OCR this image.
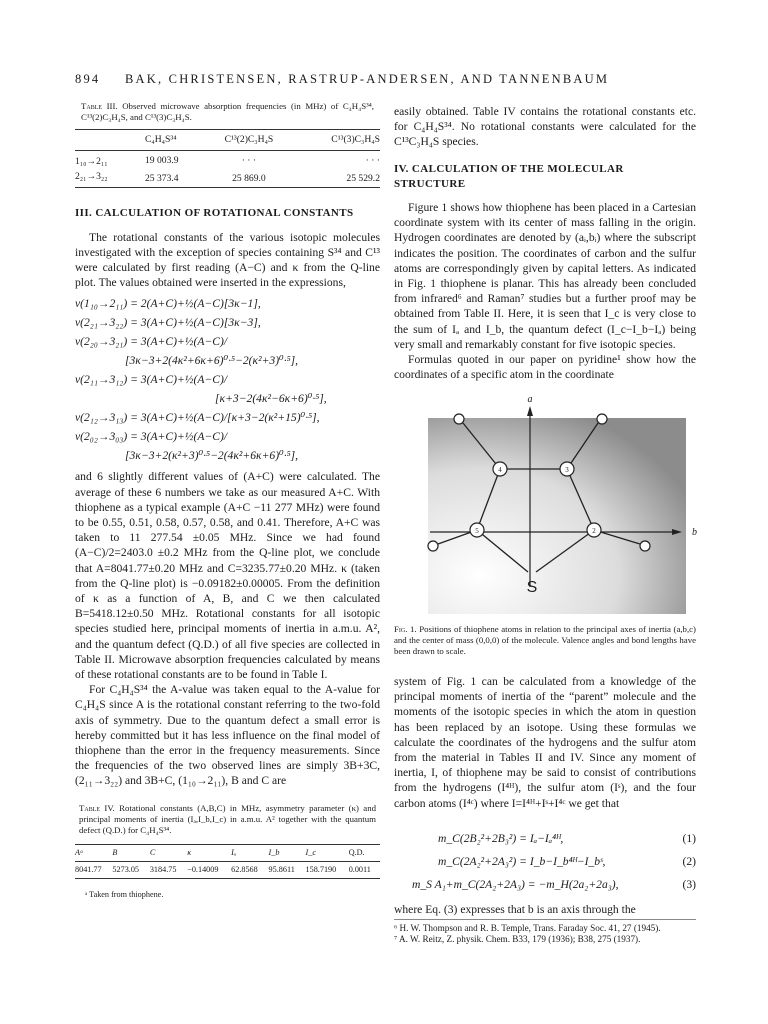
894 BAK, CHRISTENSEN, RASTRUP-ANDERSEN, AND TANNENBAUM
Table III. Observed microwave absorption frequencies (in MHz) of C₄H₄S³⁴, C¹³(2)C₃H₄S, and C¹³(3)C₃H₄S.
	C₄H₄S³⁴	C¹³(2)C₃H₄S	C¹³(3)C₃H₄S
1₁₀→2₁₁	19 003.9	· · ·	· · ·
2₂₁→3₂₂	25 373.4	25 869.0	25 529.2

III. CALCULATION OF ROTATIONAL CONSTANTS

The rotational constants of the various isotopic molecules investigated with the exception of species containing S³⁴ and C¹³ were calculated by first reading (A−C) and κ from the Q-line plot. The values obtained were inserted in the expressions,

ν(1₁₀→2₁₁) = 2(A+C)+½(A−C)[3κ−1],
ν(2₂₁→3₂₂) = 3(A+C)+½(A−C)[3κ−3],
ν(2₂₀→3₂₁) = 3(A+C)+½(A−C)/
[3κ−3+2(4κ²+6κ+6)⁰·⁵−2(κ²+3)⁰·⁵],
ν(2₁₁→3₁₂) = 3(A+C)+½(A−C)/
[κ+3−2(4κ²−6κ+6)⁰·⁵],
ν(2₁₂→3₁₃) = 3(A+C)+½(A−C)/[κ+3−2(κ²+15)⁰·⁵],
ν(2₀₂→3₀₃) = 3(A+C)+½(A−C)/
[3κ−3+2(κ²+3)⁰·⁵−2(4κ²+6κ+6)⁰·⁵],

and 6 slightly different values of (A+C) were calculated. The average of these 6 numbers we take as our measured A+C. With thiophene as a typical example (A+C −11 277 MHz) were found to be 0.55, 0.51, 0.58, 0.57, 0.58, and 0.41. Therefore, A+C was taken to 11 277.54 ±0.05 MHz. Since we had found (A−C)/2=2403.0 ±0.2 MHz from the Q-line plot, we conclude that A=8041.77±0.20 MHz and C=3235.77±0.20 MHz. κ (taken from the Q-line plot) is −0.09182±0.00005. From the definition of κ as a function of A, B, and C we then calculated B=5418.12±0.50 MHz. Rotational constants for all isotopic species studied here, principal moments of inertia in a.m.u. A², and the quantum defect (Q.D.) of all five species are collected in Table II. Microwave absorption frequencies calculated by means of these rotational constants are to be found in Table I.

For C₄H₄S³⁴ the A-value was taken equal to the A-value for C₄H₄S since A is the rotational constant referring to the two-fold axis of symmetry. Due to the quantum defect a small error is hereby committed but it has less influence on the final model of thiophene than the error in the frequency measurements. Since the frequencies of the two observed lines are simply 3B+3C, (2₁₁→3₂₂) and 3B+C, (1₁₀→2₁₁), B and C are

Table IV. Rotational constants (A,B,C) in MHz, asymmetry parameter (κ) and principal moments of inertia (Iₐ,I_b,I_c) in a.m.u. A² together with the quantum defect (Q.D.) for C₄H₄S³⁴.
Aᵃ	B	C	κ	Iₐ	I_b	I_c	Q.D.
8041.77	5273.05	3184.75	−0.14009	62.8568	95.8611	158.7190	0.0011
ᵃ Taken from thiophene.

easily obtained. Table IV contains the rotational constants etc. for C₄H₄S³⁴. No rotational constants were calculated for the C¹³C₃H₄S species.

IV. CALCULATION OF THE MOLECULAR STRUCTURE

Figure 1 shows how thiophene has been placed in a Cartesian coordinate system with its center of mass falling in the origin. Hydrogen coordinates are denoted by (aᵢ,bᵢ) where the subscript indicates the position. The coordinates of carbon and the sulfur atoms are correspondingly given by capital letters. As indicated in Fig. 1 thiophene is planar. This has already been concluded from infrared⁶ and Raman⁷ studies but a further proof may be obtained from Table II. Here, it is seen that I_c is very close to the sum of Iₐ and I_b, the quantum defect (I_c−I_b−Iₐ) being very small and remarkably constant for five isotopic species.

Formulas quoted in our paper on pyridine¹ show how the coordinates of a specific atom in the coordinate

a
b
4	3
5	2
S
Fig. 1. Positions of thiophene atoms in relation to the principal axes of inertia (a,b,c) and the center of mass (0,0,0) of the molecule. Valence angles and bond lengths have been drawn to scale.

system of Fig. 1 can be calculated from a knowledge of the principal moments of inertia of the “parent” molecule and the moments of the isotopic species in which the atom in question has been replaced by an isotope. Using these formulas we calculate the coordinates of the hydrogens and the sulfur atom from the material in Tables II and IV. Since any moment of inertia, I, of thiophene may be said to consist of contributions from the hydrogens (I⁴ᴴ), the sulfur atom (Iˢ), and the four carbon atoms (I⁴ᶜ) where I=I⁴ᴴ+Iˢ+I⁴ᶜ we get that

m_C(2B₂²+2B₃²) = Iₐ−Iₐ⁴ᴴ,	(1)
m_C(2A₂²+2A₃²) = I_b−I_b⁴ᴴ−I_bˢ,	(2)
m_S A₁+m_C(2A₂+2A₃) = −m_H(2a₂+2a₃),	(3)

where Eq. (3) expresses that b is an axis through the

⁶ H. W. Thompson and R. B. Temple, Trans. Faraday Soc. 41, 27 (1945).
⁷ A. W. Reitz, Z. physik. Chem. B33, 179 (1936); B38, 275 (1937).
